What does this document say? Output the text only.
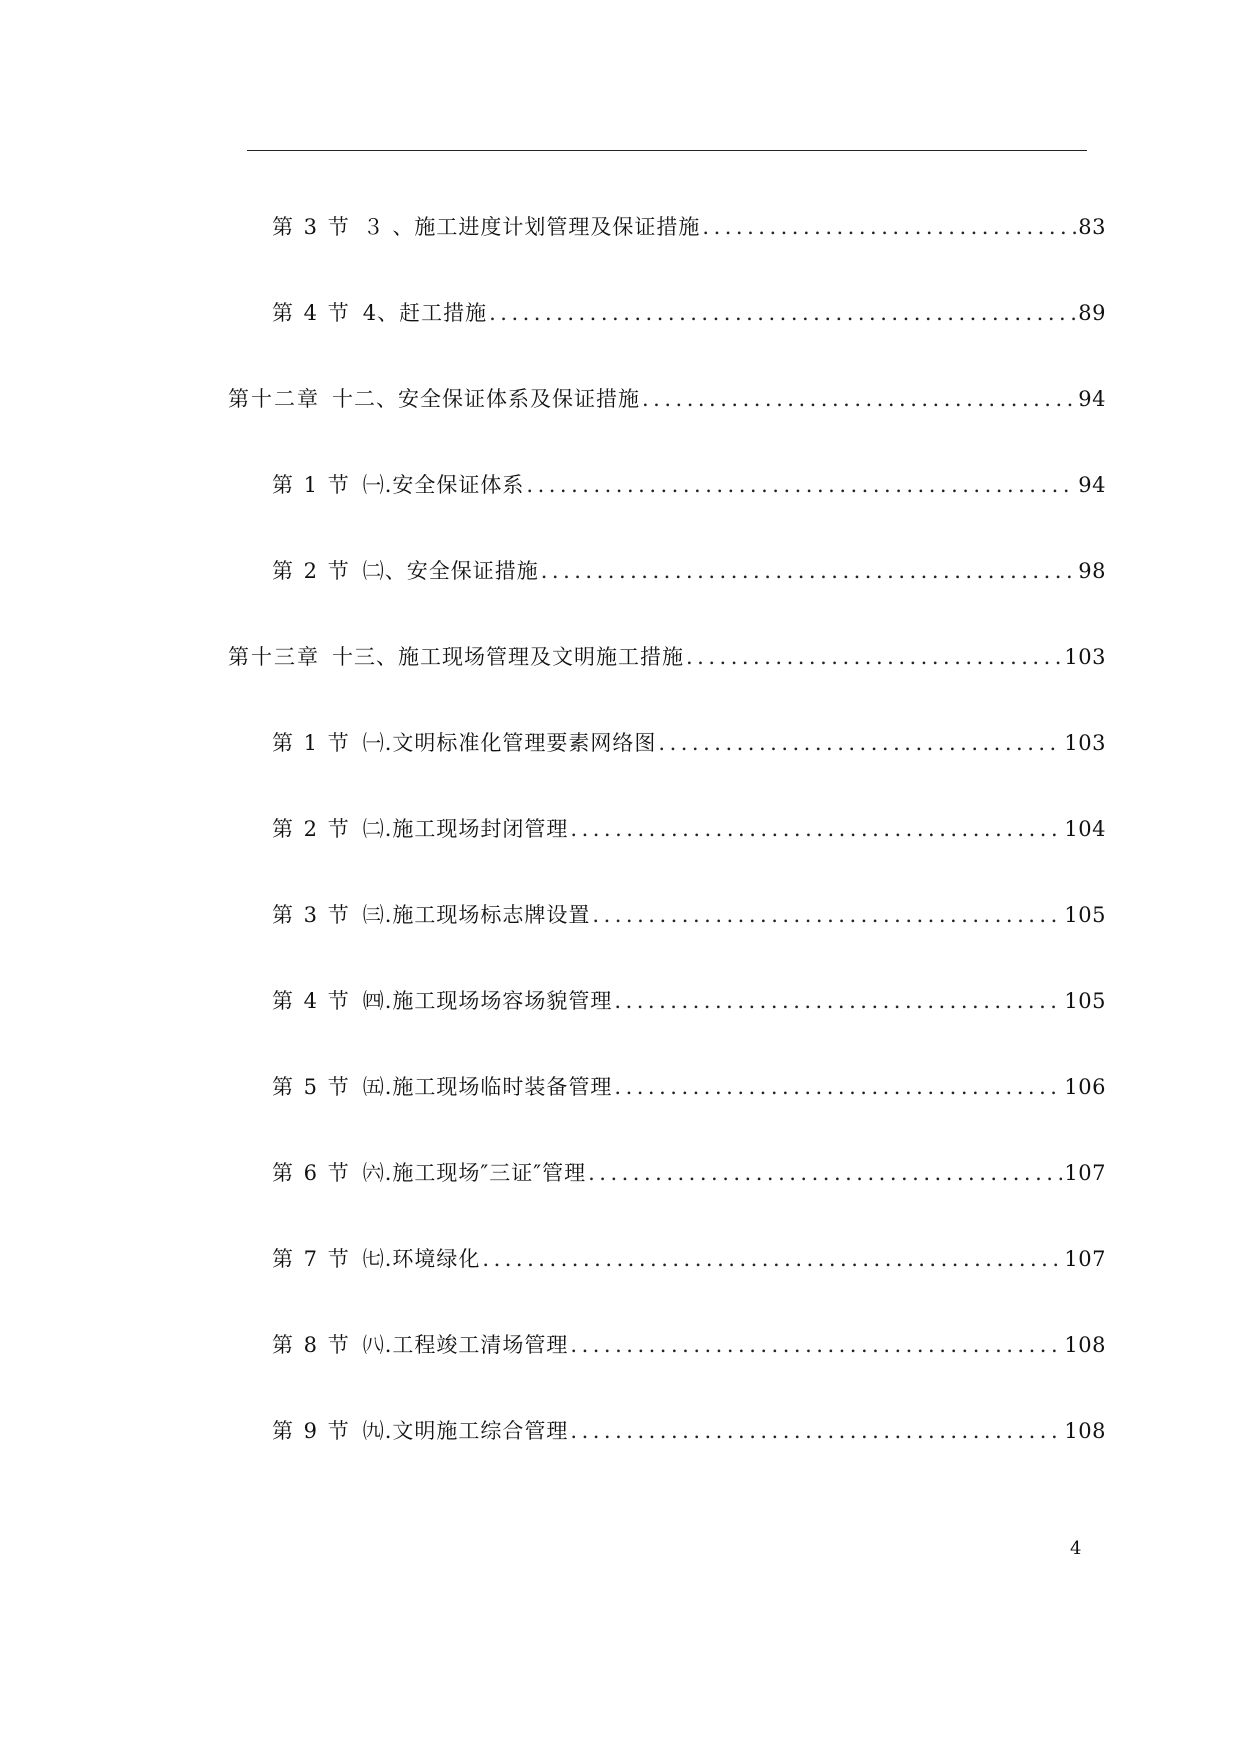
第 3 节 ３ 、施工进度计划管理及保证措施 .....	83
第 4 节 4、赶工措施 .....	89
第十二章 十二、安全保证体系及保证措施 .....	94
第 1 节 ㈠.安全保证体系 .....	94
第 2 节 ㈡、安全保证措施 .....	98
第十三章 十三、施工现场管理及文明施工措施 .....	103
第 1 节 ㈠.文明标准化管理要素网络图 .....	103
第 2 节 ㈡.施工现场封闭管理 .....	104
第 3 节 ㈢.施工现场标志牌设置 .....	105
第 4 节 ㈣.施工现场场容场貌管理 .....	105
第 5 节 ㈤.施工现场临时装备管理 .....	106
第 6 节 ㈥.施工现场″三证″管理 .....	107
第 7 节 ㈦.环境绿化 .....	107
第 8 节 ㈧.工程竣工清场管理 .....	108
第 9 节 ㈨.文明施工综合管理 .....	108
4
